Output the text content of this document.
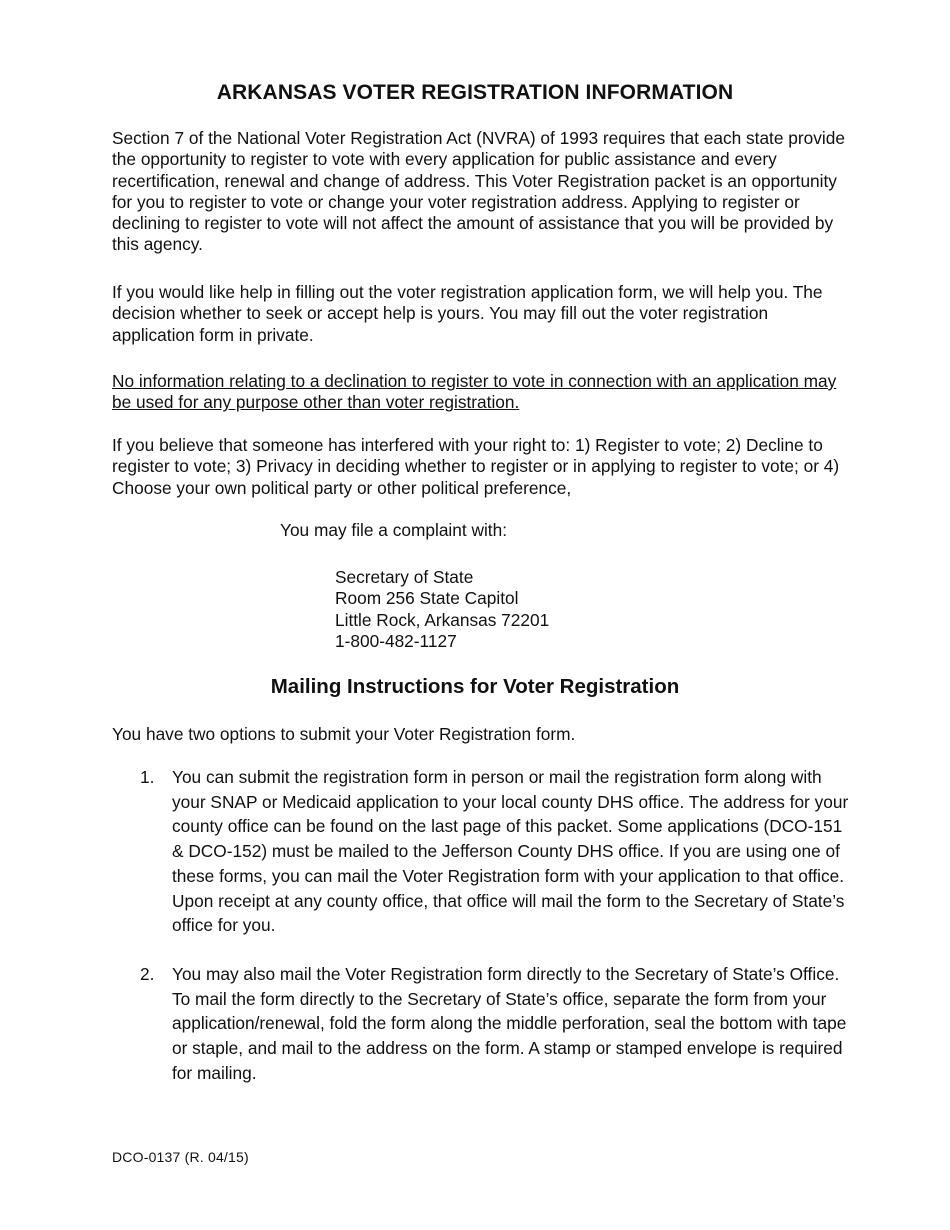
ARKANSAS VOTER REGISTRATION INFORMATION

Section 7 of the National Voter Registration Act (NVRA) of 1993 requires that each state provide the opportunity to register to vote with every application for public assistance and every recertification, renewal and change of address. This Voter Registration packet is an opportunity for you to register to vote or change your voter registration address. Applying to register or declining to register to vote will not affect the amount of assistance that you will be provided by this agency.

If you would like help in filling out the voter registration application form, we will help you. The decision whether to seek or accept help is yours. You may fill out the voter registration application form in private.

No information relating to a declination to register to vote in connection with an application may be used for any purpose other than voter registration.

If you believe that someone has interfered with your right to: 1) Register to vote; 2) Decline to register to vote; 3) Privacy in deciding whether to register or in applying to register to vote; or 4) Choose your own political party or other political preference,

You may file a complaint with:
Secretary of State
Room 256 State Capitol
Little Rock, Arkansas 72201
1-800-482-1127
Mailing Instructions for Voter Registration
You have two options to submit your Voter Registration form.
1.	You can submit the registration form in person or mail the registration form along with your SNAP or Medicaid application to your local county DHS office. The address for your county office can be found on the last page of this packet. Some applications (DCO-151 & DCO-152) must be mailed to the Jefferson County DHS office. If you are using one of these forms, you can mail the Voter Registration form with your application to that office. Upon receipt at any county office, that office will mail the form to the Secretary of State’s office for you.
2.	You may also mail the Voter Registration form directly to the Secretary of State’s Office. To mail the form directly to the Secretary of State’s office, separate the form from your application/renewal, fold the form along the middle perforation, seal the bottom with tape or staple, and mail to the address on the form. A stamp or stamped envelope is required for mailing.
DCO-0137 (R. 04/15)
